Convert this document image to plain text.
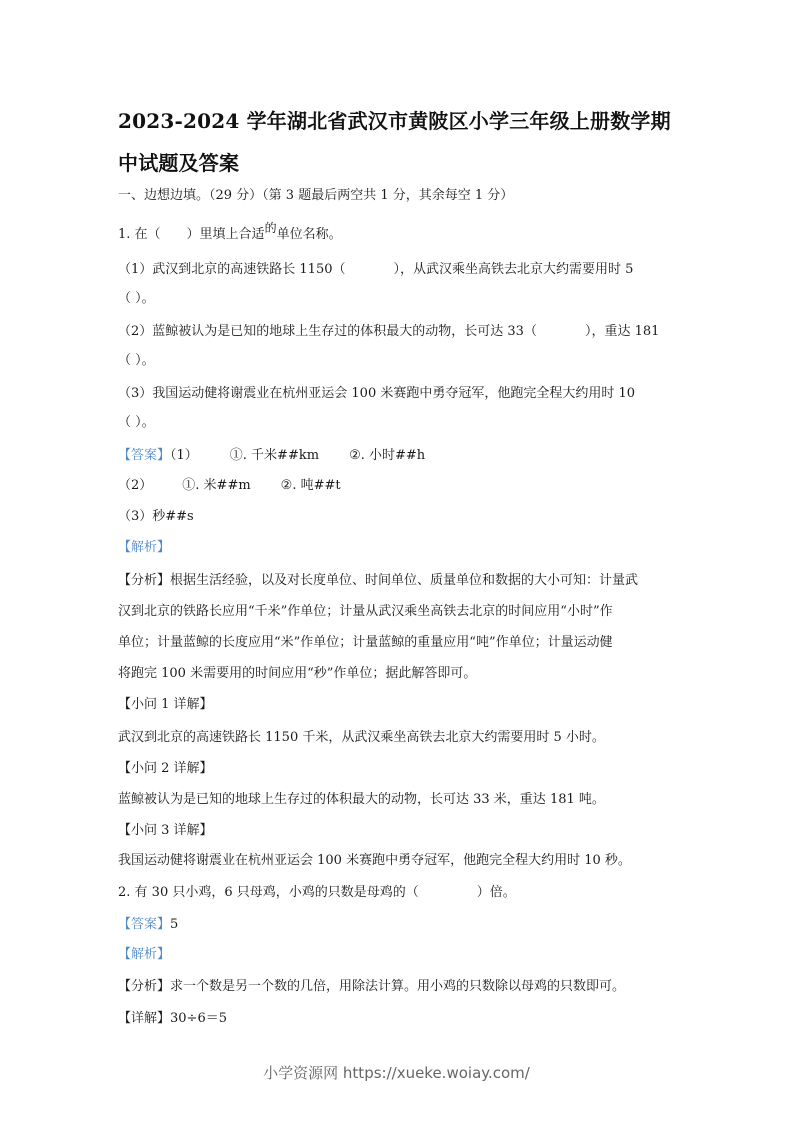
2023-2024 学年湖北省武汉市黄陂区小学三年级上册数学期
中试题及答案
一、边想边填。（29 分）（第 3 题最后两空共 1 分，其余每空 1 分）
1. 在（ ）里填上合适的单位名称。
（1）武汉到北京的高速铁路长 1150（	），从武汉乘坐高铁去北京大约需要用时 5
（ ）。
（2）蓝鲸被认为是已知的地球上生存过的体积最大的动物，长可达 33（	），重达 181
（ ）。
（3）我国运动健将谢震业在杭州亚运会 100 米赛跑中勇夺冠军，他跑完全程大约用时 10
（ ）。
【答案】（1） ①. 千米##km ②. 小时##h
（2） ①. 米##m ②. 吨##t
（3）秒##s
【解析】
【分析】根据生活经验，以及对长度单位、时间单位、质量单位和数据的大小可知：计量武
汉到北京的铁路长应用“千米”作单位；计量从武汉乘坐高铁去北京的时间应用“小时”作
单位；计量蓝鲸的长度应用“米”作单位；计量蓝鲸的重量应用“吨”作单位；计量运动健
将跑完 100 米需要用的时间应用“秒”作单位；据此解答即可。
【小问 1 详解】
武汉到北京的高速铁路长 1150 千米，从武汉乘坐高铁去北京大约需要用时 5 小时。
【小问 2 详解】
蓝鲸被认为是已知的地球上生存过的体积最大的动物，长可达 33 米，重达 181 吨。
【小问 3 详解】
我国运动健将谢震业在杭州亚运会 100 米赛跑中勇夺冠军，他跑完全程大约用时 10 秒。
2. 有 30 只小鸡，6 只母鸡，小鸡的只数是母鸡的（	）倍。
【答案】5
【解析】
【分析】求一个数是另一个数的几倍，用除法计算。用小鸡的只数除以母鸡的只数即可。
【详解】30÷6＝5
小学资源网 https://xueke.woiay.com/
